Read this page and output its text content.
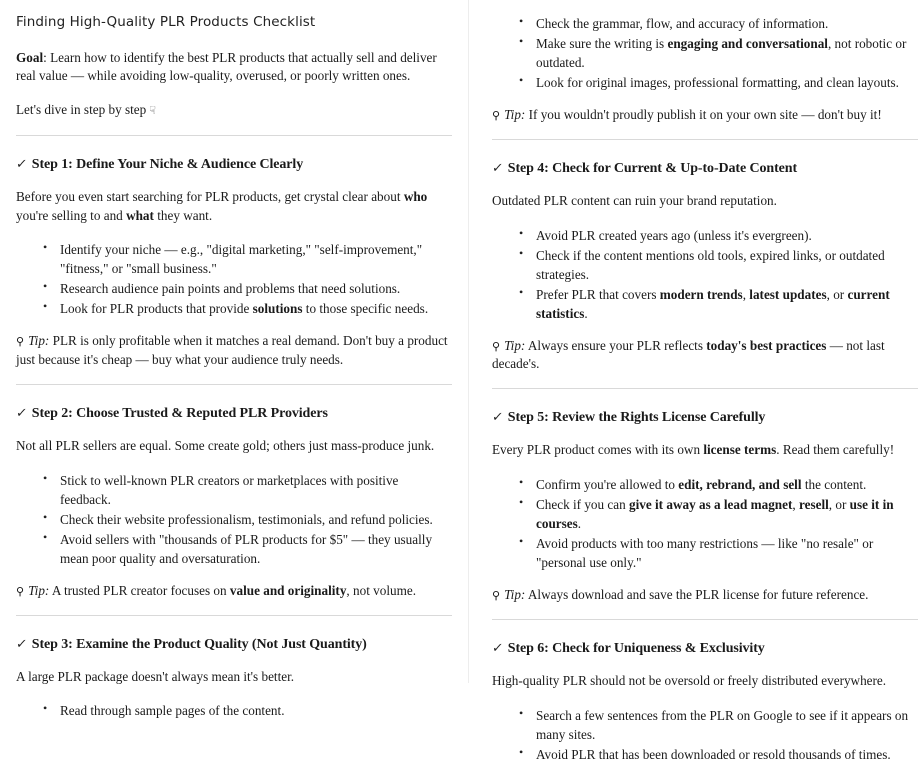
Finding High-Quality PLR Products Checklist

Goal: Learn how to identify the best PLR products that actually sell and deliver real value — while avoiding low-quality, overused, or poorly written ones.

Let's dive in step by step ☟

✓ Step 1: Define Your Niche & Audience Clearly

Before you even start searching for PLR products, get crystal clear about who you're selling to and what they want.

• Identify your niche — e.g., "digital marketing," "self-improvement," "fitness," or "small business."
• Research audience pain points and problems that need solutions.
• Look for PLR products that provide solutions to those specific needs.

⚲ Tip: PLR is only profitable when it matches a real demand. Don't buy a product just because it's cheap — buy what your audience truly needs.

✓ Step 2: Choose Trusted & Reputed PLR Providers

Not all PLR sellers are equal. Some create gold; others just mass-produce junk.

• Stick to well-known PLR creators or marketplaces with positive feedback.
• Check their website professionalism, testimonials, and refund policies.
• Avoid sellers with "thousands of PLR products for $5" — they usually mean poor quality and oversaturation.

⚲ Tip: A trusted PLR creator focuses on value and originality, not volume.

✓ Step 3: Examine the Product Quality (Not Just Quantity)

A large PLR package doesn't always mean it's better.

• Read through sample pages of the content.
• Check the grammar, flow, and accuracy of information.
• Make sure the writing is engaging and conversational, not robotic or outdated.
• Look for original images, professional formatting, and clean layouts.

⚲ Tip: If you wouldn't proudly publish it on your own site — don't buy it!

✓ Step 4: Check for Current & Up-to-Date Content

Outdated PLR content can ruin your brand reputation.

• Avoid PLR created years ago (unless it's evergreen).
• Check if the content mentions old tools, expired links, or outdated strategies.
• Prefer PLR that covers modern trends, latest updates, or current statistics.

⚲ Tip: Always ensure your PLR reflects today's best practices — not last decade's.

✓ Step 5: Review the Rights License Carefully

Every PLR product comes with its own license terms. Read them carefully!

• Confirm you're allowed to edit, rebrand, and sell the content.
• Check if you can give it away as a lead magnet, resell, or use it in courses.
• Avoid products with too many restrictions — like "no resale" or "personal use only."

⚲ Tip: Always download and save the PLR license for future reference.

✓ Step 6: Check for Uniqueness & Exclusivity

High-quality PLR should not be oversold or freely distributed everywhere.

• Search a few sentences from the PLR on Google to see if it appears on many sites.
• Avoid PLR that has been downloaded or resold thousands of times.
